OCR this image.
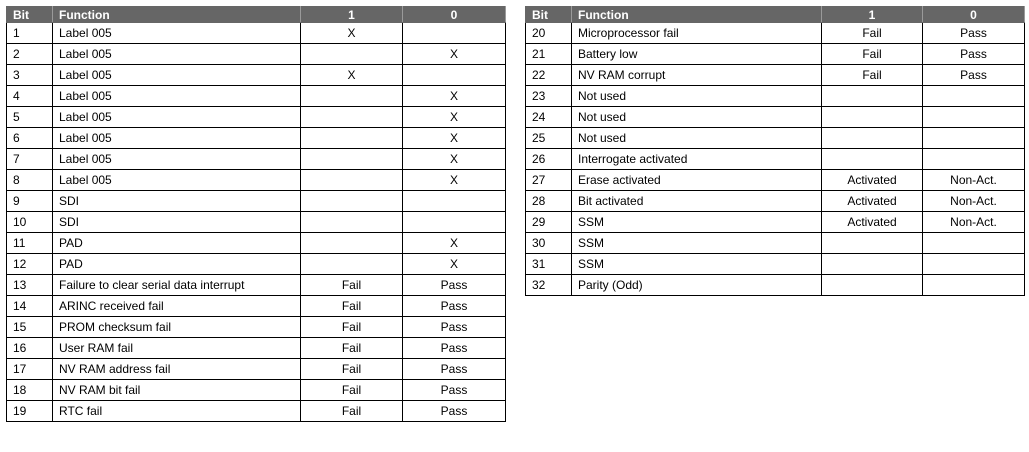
Bit	Function	1	0
1	Label 005	X	
2	Label 005		X
3	Label 005	X	
4	Label 005		X
5	Label 005		X
6	Label 005		X
7	Label 005		X
8	Label 005		X
9	SDI		
10	SDI		
11	PAD		X
12	PAD		X
13	Failure to clear serial data interrupt	Fail	Pass
14	ARINC received fail	Fail	Pass
15	PROM checksum fail	Fail	Pass
16	User RAM fail	Fail	Pass
17	NV RAM address fail	Fail	Pass
18	NV RAM bit fail	Fail	Pass
19	RTC fail	Fail	Pass
Bit	Function	1	0
20	Microprocessor fail	Fail	Pass
21	Battery low	Fail	Pass
22	NV RAM corrupt	Fail	Pass
23	Not used		
24	Not used		
25	Not used		
26	Interrogate activated		
27	Erase activated	Activated	Non-Act.
28	Bit activated	Activated	Non-Act.
29	SSM	Activated	Non-Act.
30	SSM		
31	SSM		
32	Parity (Odd)		
